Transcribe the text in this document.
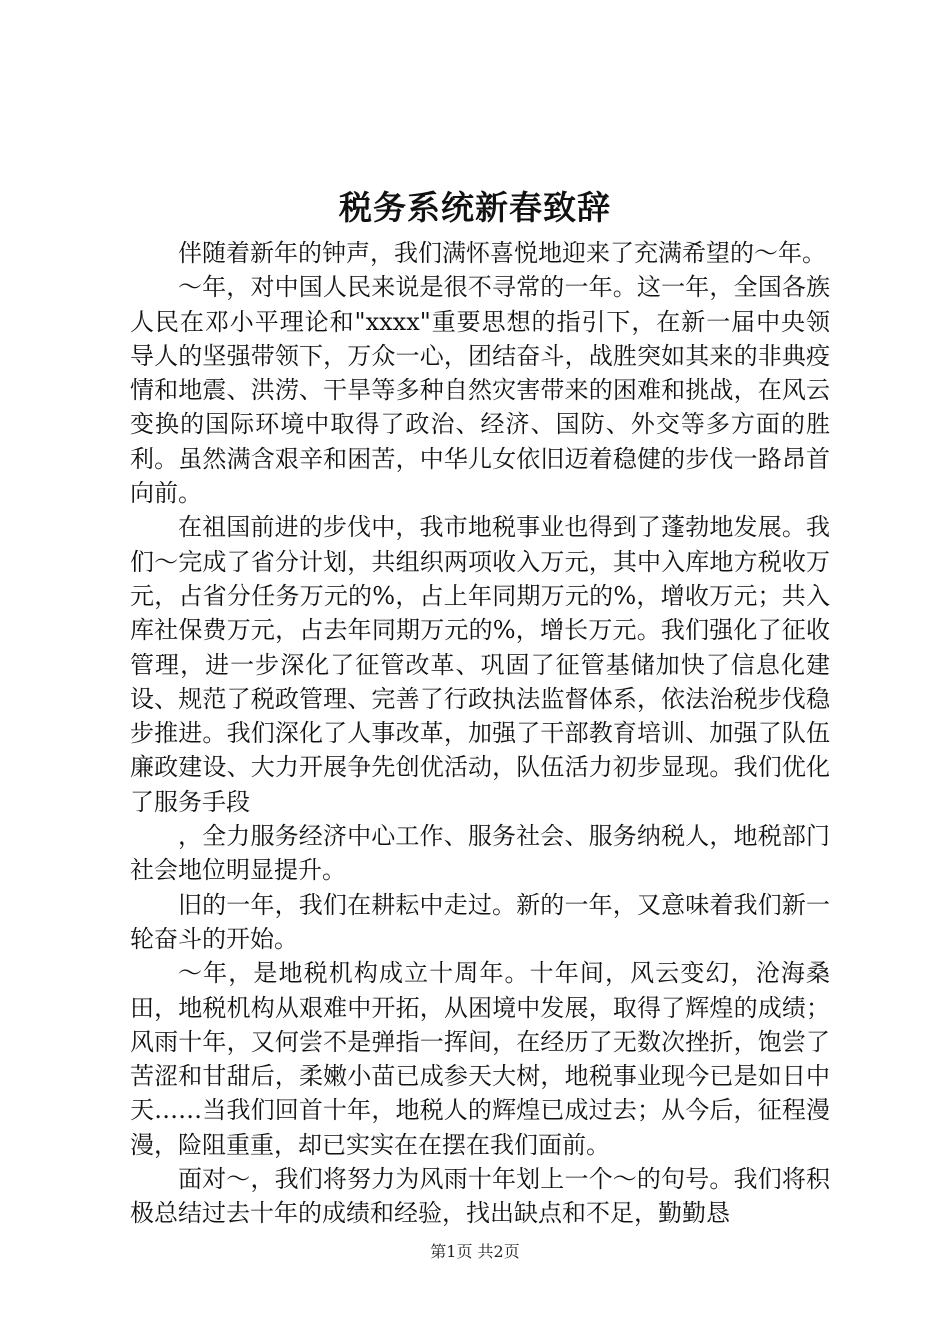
税务系统新春致辞

伴随着新年的钟声，我们满怀喜悦地迎来了充满希望的～年。

～年，对中国人民来说是很不寻常的一年。这一年，全国各族人民在邓小平理论和"xxxx"重要思想的指引下，在新一届中央领导人的坚强带领下，万众一心，团结奋斗，战胜突如其来的非典疫情和地震、洪涝、干旱等多种自然灾害带来的困难和挑战，在风云变换的国际环境中取得了政治、经济、国防、外交等多方面的胜利。虽然满含艰辛和困苦，中华儿女依旧迈着稳健的步伐一路昂首向前。

在祖国前进的步伐中，我市地税事业也得到了蓬勃地发展。我们～完成了省分计划，共组织两项收入万元，其中入库地方税收万元，占省分任务万元的%，占上年同期万元的%，增收万元；共入库社保费万元，占去年同期万元的%，增长万元。我们强化了征收管理，进一步深化了征管改革、巩固了征管基储加快了信息化建设、规范了税政管理、完善了行政执法监督体系，依法治税步伐稳步推进。我们深化了人事改革，加强了干部教育培训、加强了队伍廉政建设、大力开展争先创优活动，队伍活力初步显现。我们优化了服务手段

，全力服务经济中心工作、服务社会、服务纳税人，地税部门社会地位明显提升。

旧的一年，我们在耕耘中走过。新的一年，又意味着我们新一轮奋斗的开始。

～年，是地税机构成立十周年。十年间，风云变幻，沧海桑田，地税机构从艰难中开拓，从困境中发展，取得了辉煌的成绩；风雨十年，又何尝不是弹指一挥间，在经历了无数次挫折，饱尝了苦涩和甘甜后，柔嫩小苗已成参天大树，地税事业现今已是如日中天……当我们回首十年，地税人的辉煌已成过去；从今后，征程漫漫，险阻重重，却已实实在在摆在我们面前。

面对～，我们将努力为风雨十年划上一个～的句号。我们将积极总结过去十年的成绩和经验，找出缺点和不足，勤勤恳

第1页 共2页
